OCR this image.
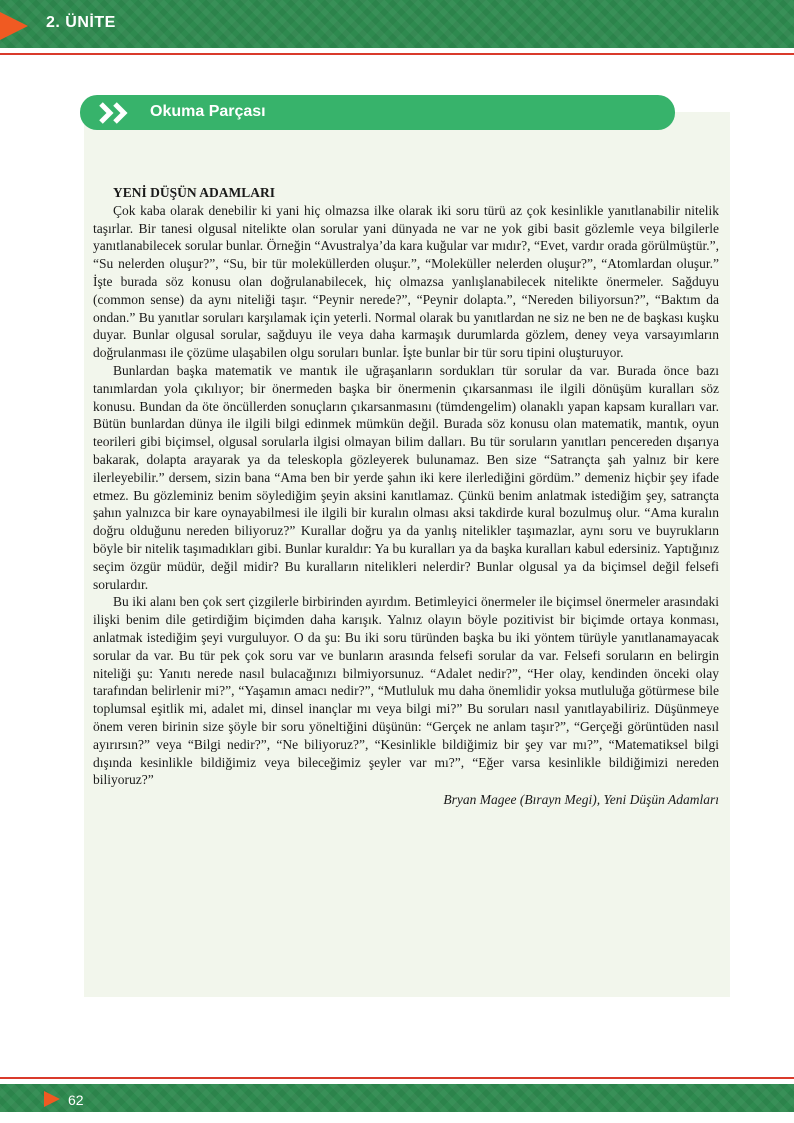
2. ÜNİTE
Okuma Parçası
YENİ DÜŞÜN ADAMLARI

Çok kaba olarak denebilir ki yani hiç olmazsa ilke olarak iki soru türü az çok kesinlikle yanıtlanabilir nitelik taşırlar. Bir tanesi olgusal nitelikte olan sorular yani dünyada ne var ne yok gibi basit gözlemle veya bilgilerle yanıtlanabilecek sorular bunlar. Örneğin “Avustralya’da kara kuğular var mıdır?, “Evet, vardır orada görülmüştür.”, “Su nelerden oluşur?”, “Su, bir tür moleküllerden oluşur.”, “Moleküller nelerden oluşur?”, “Atomlardan oluşur.” İşte burada söz konusu olan doğrulanabilecek, hiç olmazsa yanlışlanabilecek nitelikte önermeler. Sağduyu (common sense) da aynı niteliği taşır. “Peynir nerede?”, “Peynir dolapta.”, “Nereden biliyorsun?”, “Baktım da ondan.” Bu yanıtlar soruları karşılamak için yeterli. Normal olarak bu yanıtlardan ne siz ne ben ne de başkası kuşku duyar. Bunlar olgusal sorular, sağduyu ile veya daha karmaşık durumlarda gözlem, deney veya varsayımların doğrulanması ile çözüme ulaşabilen olgu soruları bunlar. İşte bunlar bir tür soru tipini oluşturuyor.

Bunlardan başka matematik ve mantık ile uğraşanların sordukları tür sorular da var. Burada önce bazı tanımlardan yola çıkılıyor; bir önermeden başka bir önermenin çıkarsanması ile ilgili dönüşüm kuralları söz konusu. Bundan da öte öncüllerden sonuçların çıkarsanmasını (tümdengelim) olanaklı yapan kapsam kuralları var. Bütün bunlardan dünya ile ilgili bilgi edinmek mümkün değil. Burada söz konusu olan matematik, mantık, oyun teorileri gibi biçimsel, olgusal sorularla ilgisi olmayan bilim dalları. Bu tür soruların yanıtları pencereden dışarıya bakarak, dolapta arayarak ya da teleskopla gözleyerek bulunamaz. Ben size “Satrançta şah yalnız bir kere ilerleyebilir.” dersem, sizin bana “Ama ben bir yerde şahın iki kere ilerlediğini gördüm.” demeniz hiçbir şey ifade etmez. Bu gözleminiz benim söylediğim şeyin aksini kanıtlamaz. Çünkü benim anlatmak istediğim şey, satrançta şahın yalnızca bir kare oynayabilmesi ile ilgili bir kuralın olması aksi takdirde kural bozulmuş olur. “Ama kuralın doğru olduğunu nereden biliyoruz?” Kurallar doğru ya da yanlış nitelikler taşımazlar, aynı soru ve buyrukların böyle bir nitelik taşımadıkları gibi. Bunlar kuraldır: Ya bu kuralları ya da başka kuralları kabul edersiniz. Yaptığınız seçim özgür müdür, değil midir? Bu kuralların nitelikleri nelerdir? Bunlar olgusal ya da biçimsel değil felsefi sorulardır.

Bu iki alanı ben çok sert çizgilerle birbirinden ayırdım. Betimleyici önermeler ile biçimsel önermeler arasındaki ilişki benim dile getirdiğim biçimden daha karışık. Yalnız olayın böyle pozitivist bir biçimde ortaya konması, anlatmak istediğim şeyi vurguluyor. O da şu: Bu iki soru türünden başka bu iki yöntem türüyle yanıtlanamayacak sorular da var. Bu tür pek çok soru var ve bunların arasında felsefi sorular da var. Felsefi soruların en belirgin niteliği şu: Yanıtı nerede nasıl bulacağınızı bilmiyorsunuz. “Adalet nedir?”, “Her olay, kendinden önceki olay tarafından belirlenir mi?”, “Yaşamın amacı nedir?”, “Mutluluk mu daha önemlidir yoksa mutluluğa götürmese bile toplumsal eşitlik mi, adalet mi, dinsel inançlar mı veya bilgi mi?” Bu soruları nasıl yanıtlayabiliriz. Düşünmeye önem veren birinin size şöyle bir soru yöneltiğini düşünün: “Gerçek ne anlam taşır?”, “Gerçeği görüntüden nasıl ayırırsın?” veya “Bilgi nedir?”, “Ne biliyoruz?”, “Kesinlikle bildiğimiz bir şey var mı?”, “Matematiksel bilgi dışında kesinlikle bildiğimiz veya bileceğimiz şeyler var mı?”, “Eğer varsa kesinlikle bildiğimizi nereden biliyoruz?”

Bryan Magee (Bırayn Megi), Yeni Düşün Adamları
62
